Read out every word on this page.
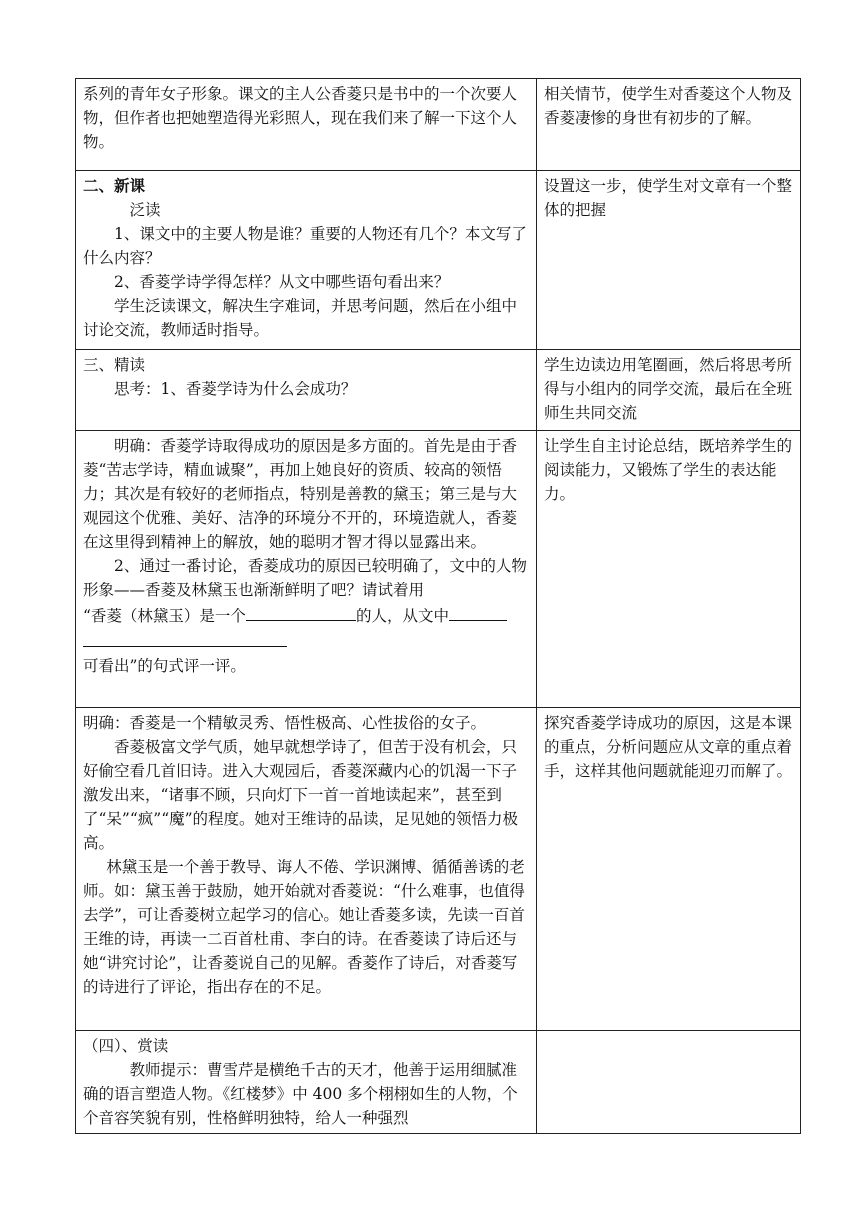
系列的青年女子形象。课文的主人公香菱只是书中的一个次要人物，但作者也把她塑造得光彩照人，现在我们来了解一下这个人物。	相关情节，使学生对香菱这个人物及香菱凄惨的身世有初步的了解。

二、新课

泛读

1、课文中的主要人物是谁？重要的人物还有几个？本文写了什么内容？

2、香菱学诗学得怎样？从文中哪些语句看出来？

学生泛读课文，解决生字难词，并思考问题，然后在小组中讨论交流，教师适时指导。	设置这一步，使学生对文章有一个整体的把握

三、精读

思考：1、香菱学诗为什么会成功？	学生边读边用笔圈画，然后将思考所得与小组内的同学交流，最后在全班师生共同交流

明确：香菱学诗取得成功的原因是多方面的。首先是由于香菱“苦志学诗，精血诚聚”，再加上她良好的资质、较高的领悟力；其次是有较好的老师指点，特别是善教的黛玉；第三是与大观园这个优雅、美好、洁净的环境分不开的，环境造就人，香菱在这里得到精神上的解放，她的聪明才智才得以显露出来。

2、通过一番讨论，香菱成功的原因已较明确了，文中的人物形象——香菱及林黛玉也渐渐鲜明了吧？请试着用

“香菱（林黛玉）是一个 的人，从文中

可看出”的句式评一评。	让学生自主讨论总结，既培养学生的阅读能力，又锻炼了学生的表达能力。

明确：香菱是一个精敏灵秀、悟性极高、心性拔俗的女子。

香菱极富文学气质，她早就想学诗了，但苦于没有机会，只好偷空看几首旧诗。进入大观园后，香菱深藏内心的饥渴一下子激发出来，“诸事不顾，只向灯下一首一首地读起来”，甚至到了“呆”“疯”“魔”的程度。她对王维诗的品读，足见她的领悟力极高。

林黛玉是一个善于教导、诲人不倦、学识渊博、循循善诱的老师。如：黛玉善于鼓励，她开始就对香菱说：“什么难事，也值得去学”，可让香菱树立起学习的信心。她让香菱多读，先读一百首王维的诗，再读一二百首杜甫、李白的诗。在香菱读了诗后还与她“讲究讨论”，让香菱说自己的见解。香菱作了诗后，对香菱写的诗进行了评论，指出存在的不足。	探究香菱学诗成功的原因，这是本课的重点，分析问题应从文章的重点着手，这样其他问题就能迎刃而解了。

（四）、赏读

教师提示：曹雪芹是横绝千古的天才，他善于运用细腻准确的语言塑造人物。《红楼梦》中 400 多个栩栩如生的人物，个个音容笑貌有别，性格鲜明独特，给人一种强烈	
